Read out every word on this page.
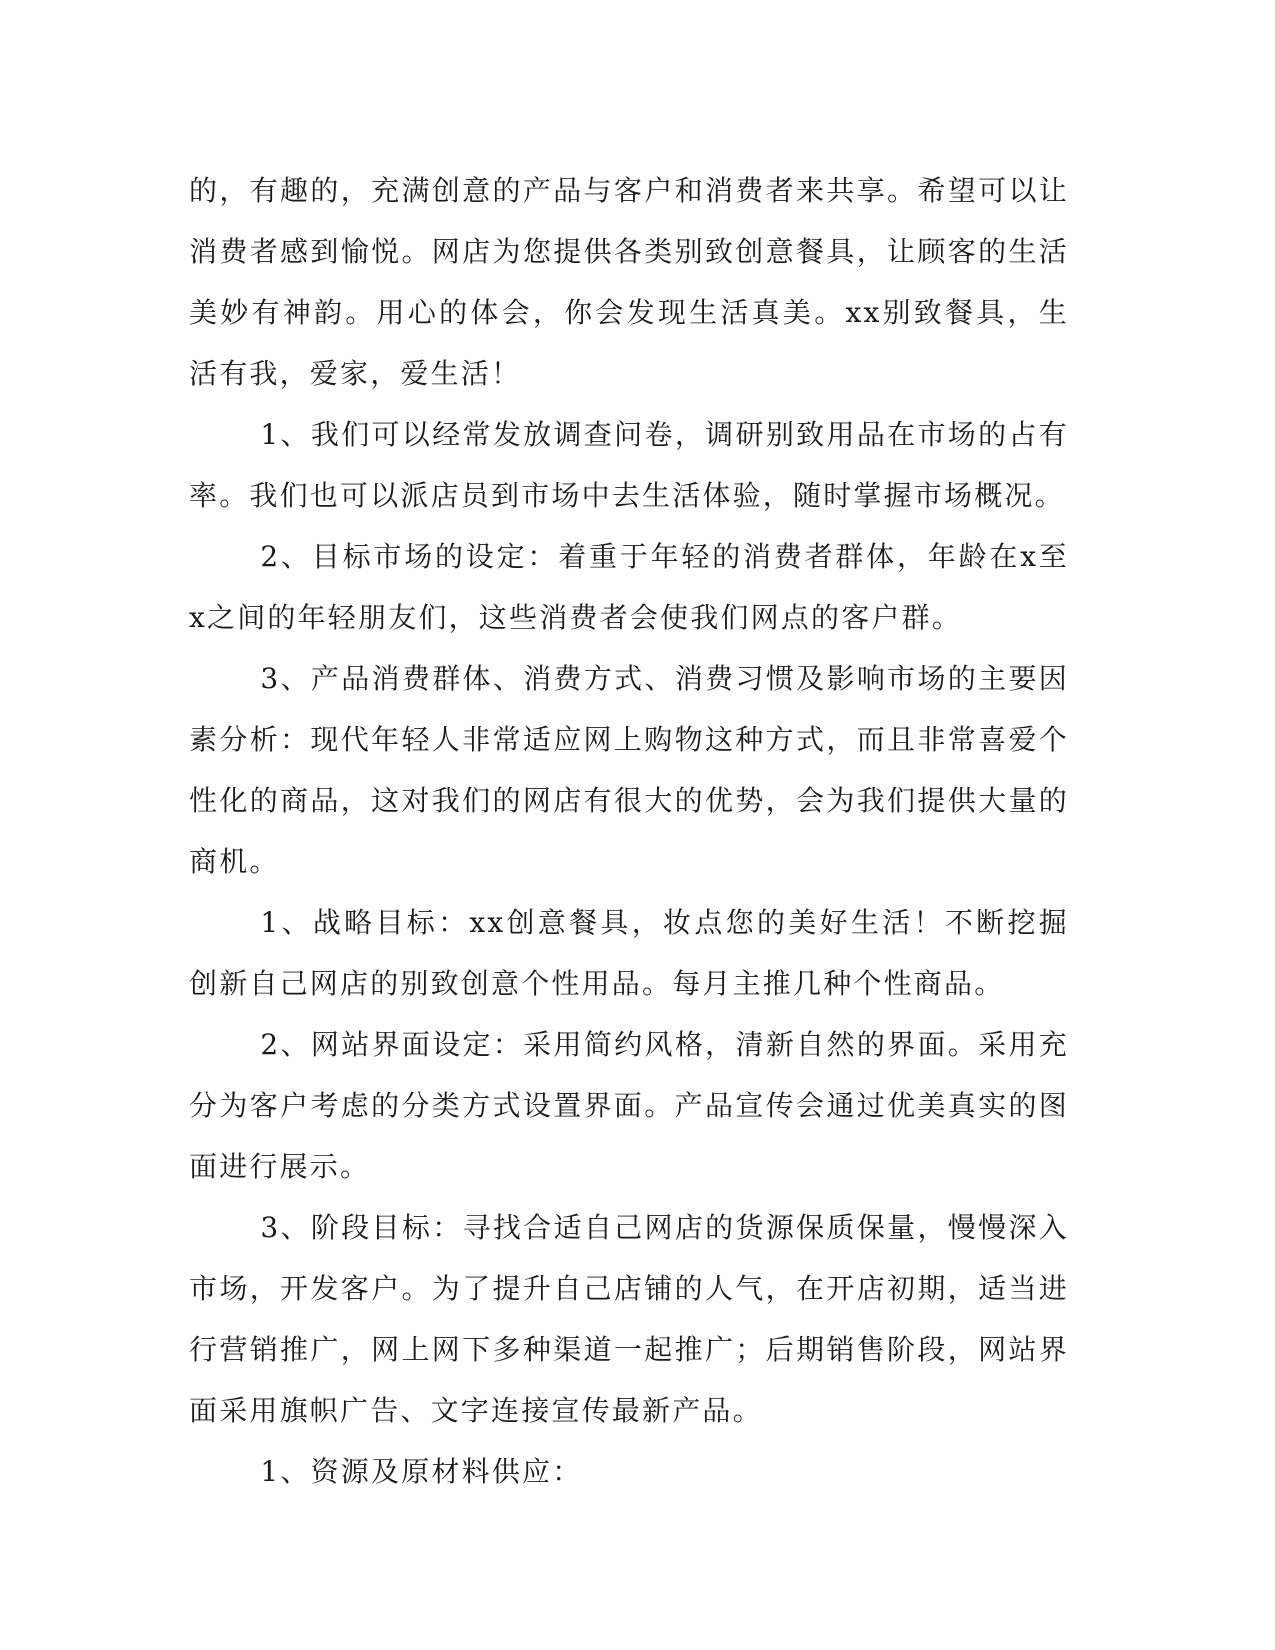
的，有趣的，充满创意的产品与客户和消费者来共享。希望可以让消费者感到愉悦。网店为您提供各类别致创意餐具，让顾客的生活美妙有神韵。用心的体会，你会发现生活真美。xx别致餐具，生活有我，爱家，爱生活！

1、我们可以经常发放调查问卷，调研别致用品在市场的占有率。我们也可以派店员到市场中去生活体验，随时掌握市场概况。

2、目标市场的设定：着重于年轻的消费者群体，年龄在x至x之间的年轻朋友们，这些消费者会使我们网点的客户群。

3、产品消费群体、消费方式、消费习惯及影响市场的主要因素分析：现代年轻人非常适应网上购物这种方式，而且非常喜爱个性化的商品，这对我们的网店有很大的优势，会为我们提供大量的商机。

1、战略目标：xx创意餐具，妆点您的美好生活！不断挖掘创新自己网店的别致创意个性用品。每月主推几种个性商品。

2、网站界面设定：采用简约风格，清新自然的界面。采用充分为客户考虑的分类方式设置界面。产品宣传会通过优美真实的图面进行展示。

3、阶段目标：寻找合适自己网店的货源保质保量，慢慢深入市场，开发客户。为了提升自己店铺的人气，在开店初期，适当进行营销推广，网上网下多种渠道一起推广；后期销售阶段，网站界面采用旗帜广告、文字连接宣传最新产品。

1、资源及原材料供应：
